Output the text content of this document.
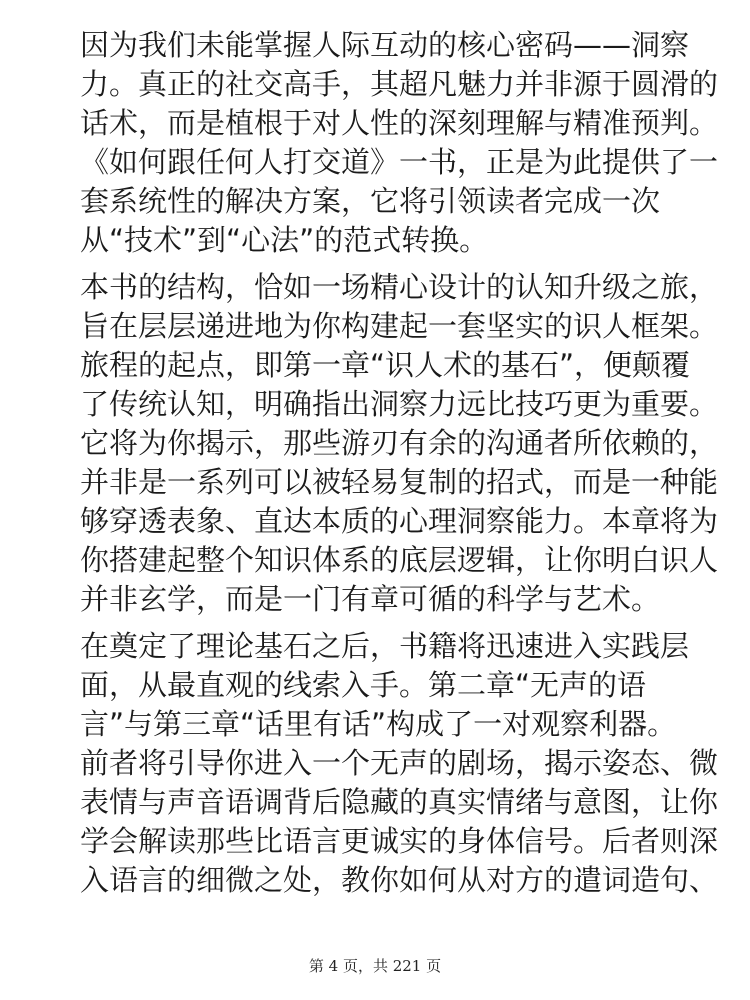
因为我们未能掌握人际互动的核心密码——洞察
力。真正的社交高手，其超凡魅力并非源于圆滑的
话术，而是植根于对人性的深刻理解与精准预判。
《如何跟任何人打交道》一书，正是为此提供了一
套系统性的解决方案，它将引领读者完成一次
从“技术”到“心法”的范式转换。
本书的结构，恰如一场精心设计的认知升级之旅，
旨在层层递进地为你构建起一套坚实的识人框架。
旅程的起点，即第一章“识人术的基石”，便颠覆
了传统认知，明确指出洞察力远比技巧更为重要。
它将为你揭示，那些游刃有余的沟通者所依赖的，
并非是一系列可以被轻易复制的招式，而是一种能
够穿透表象、直达本质的心理洞察能力。本章将为
你搭建起整个知识体系的底层逻辑，让你明白识人
并非玄学，而是一门有章可循的科学与艺术。
在奠定了理论基石之后，书籍将迅速进入实践层
面，从最直观的线索入手。第二章“无声的语
言”与第三章“话里有话”构成了一对观察利器。
前者将引导你进入一个无声的剧场，揭示姿态、微
表情与声音语调背后隐藏的真实情绪与意图，让你
学会解读那些比语言更诚实的身体信号。后者则深
入语言的细微之处，教你如何从对方的遣词造句、
第 4 页，共 221 页
